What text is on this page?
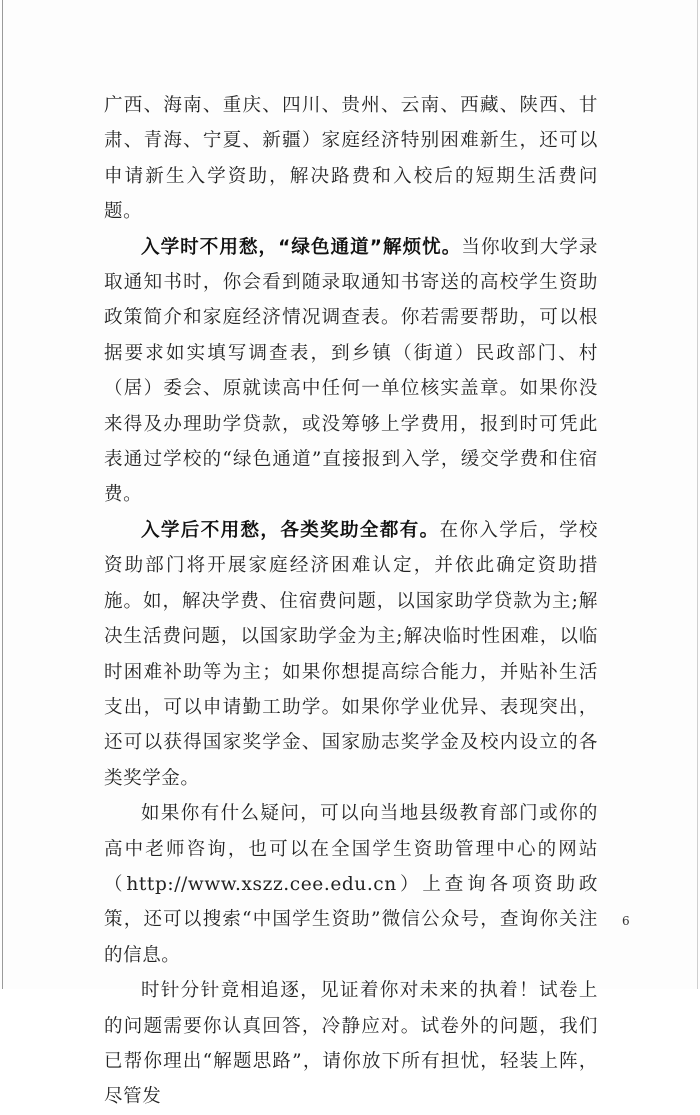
广西、海南、重庆、四川、贵州、云南、西藏、陕西、甘肃、青海、宁夏、新疆）家庭经济特别困难新生，还可以申请新生入学资助，解决路费和入校后的短期生活费问题。

入学时不用愁，“绿色通道”解烦忧。当你收到大学录取通知书时，你会看到随录取通知书寄送的高校学生资助政策简介和家庭经济情况调查表。你若需要帮助，可以根据要求如实填写调查表，到乡镇（街道）民政部门、村（居）委会、原就读高中任何一单位核实盖章。如果你没来得及办理助学贷款，或没筹够上学费用，报到时可凭此表通过学校的“绿色通道”直接报到入学，缓交学费和住宿费。

入学后不用愁，各类奖助全都有。在你入学后，学校资助部门将开展家庭经济困难认定，并依此确定资助措施。如，解决学费、住宿费问题，以国家助学贷款为主;解决生活费问题，以国家助学金为主;解决临时性困难，以临时困难补助等为主；如果你想提高综合能力，并贴补生活支出，可以申请勤工助学。如果你学业优异、表现突出，还可以获得国家奖学金、国家励志奖学金及校内设立的各类奖学金。

如果你有什么疑问，可以向当地县级教育部门或你的高中老师咨询，也可以在全国学生资助管理中心的网站（http://www.xszz.cee.edu.cn）上查询各项资助政策，还可以搜索“中国学生资助”微信公众号，查询你关注的信息。

时针分针竟相追逐，见证着你对未来的执着！试卷上的问题需要你认真回答，冷静应对。试卷外的问题，我们已帮你理出“解题思路”，请你放下所有担忧，轻装上阵，尽管发

6
